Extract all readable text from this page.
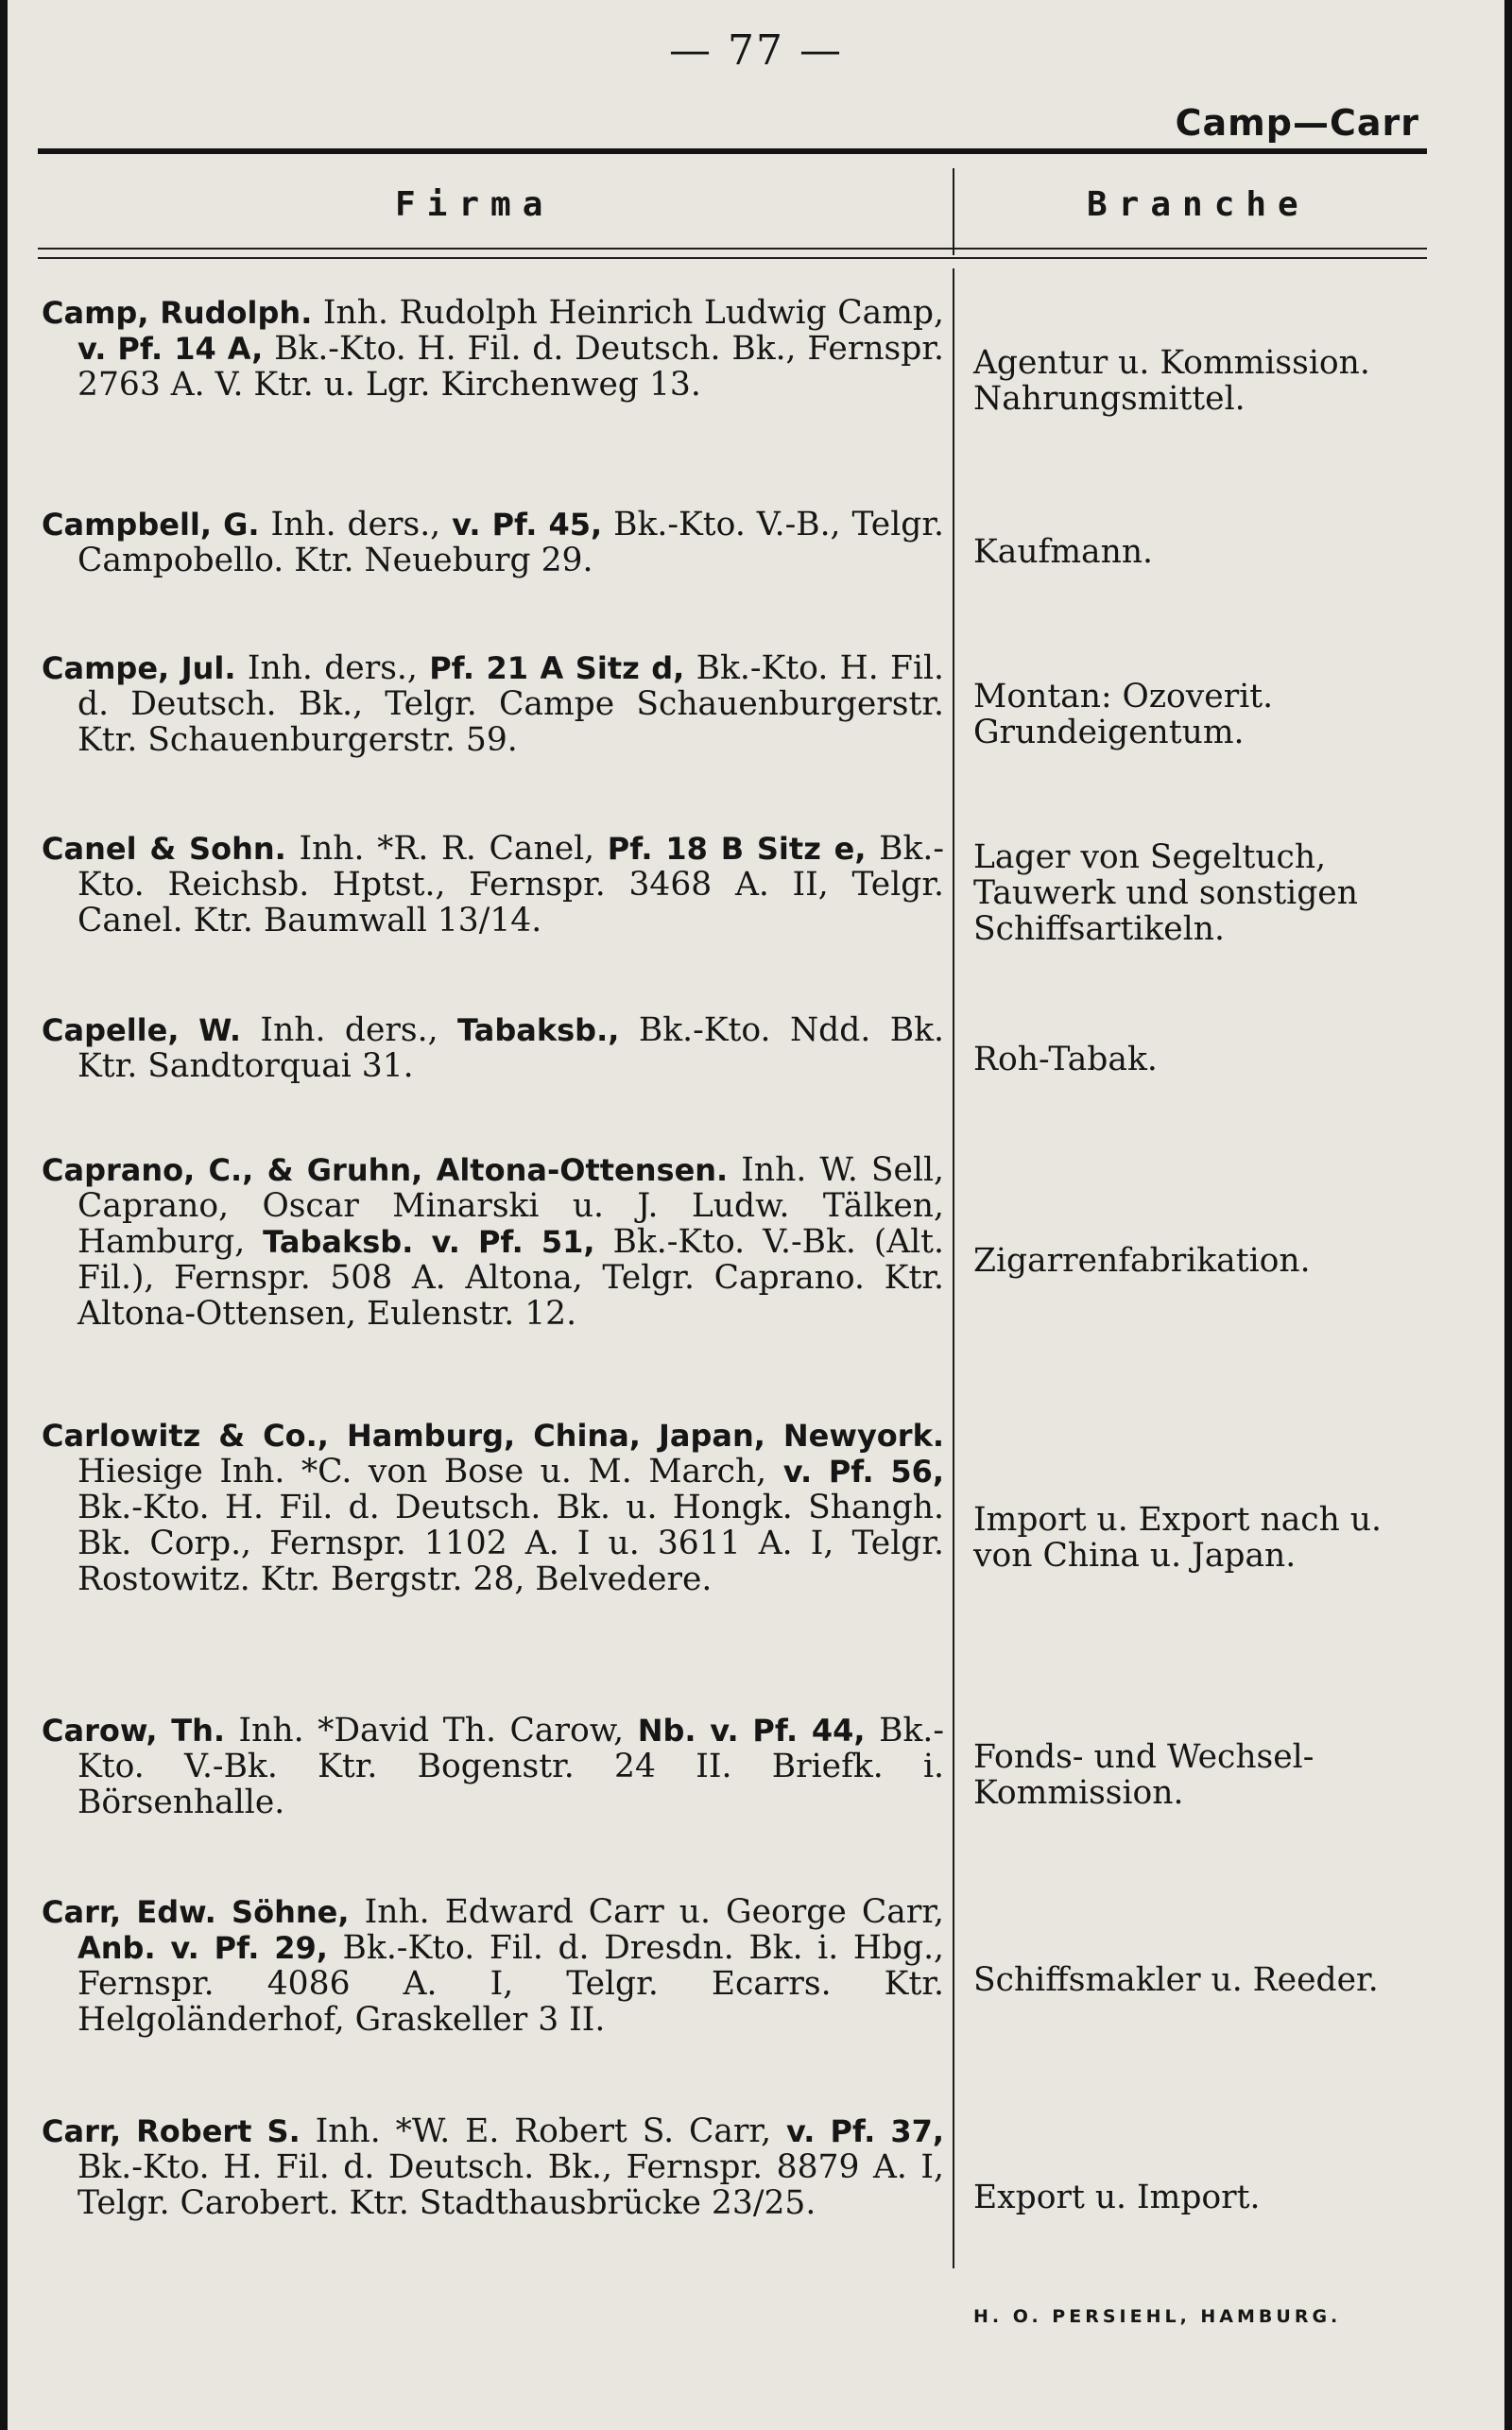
— 77 —
Camp—Carr
Firma	Branche
Camp, Rudolph. Inh. Rudolph Heinrich Ludwig Camp, v. Pf. 14 A, Bk.-Kto. H. Fil. d. Deutsch. Bk., Fernspr. 2763 A. V. Ktr. u. Lgr. Kirchenweg 13.
Campbell, G. Inh. ders., v. Pf. 45, Bk.-Kto. V.-B., Telgr. Campobello. Ktr. Neueburg 29.
Campe, Jul. Inh. ders., Pf. 21 A Sitz d, Bk.-Kto. H. Fil. d. Deutsch. Bk., Telgr. Campe Schauenburgerstr. Ktr. Schauenburgerstr. 59.
Canel & Sohn. Inh. *R. R. Canel, Pf. 18 B Sitz e, Bk.-Kto. Reichsb. Hptst., Fernspr. 3468 A. II, Telgr. Canel. Ktr. Baumwall 13/14.
Capelle, W. Inh. ders., Tabaksb., Bk.-Kto. Ndd. Bk. Ktr. Sandtorquai 31.
Caprano, C., & Gruhn, Altona-Ottensen. Inh. W. Sell, Caprano, Oscar Minarski u. J. Ludw. Tälken, Hamburg, Tabaksb. v. Pf. 51, Bk.-Kto. V.-Bk. (Alt. Fil.), Fernspr. 508 A. Altona, Telgr. Caprano. Ktr. Altona-Ottensen, Eulenstr. 12.
Carlowitz & Co., Hamburg, China, Japan, Newyork. Hiesige Inh. *C. von Bose u. M. March, v. Pf. 56, Bk.-Kto. H. Fil. d. Deutsch. Bk. u. Hongk. Shangh. Bk. Corp., Fernspr. 1102 A. I u. 3611 A. I, Telgr. Rostowitz. Ktr. Bergstr. 28, Belvedere.
Carow, Th. Inh. *David Th. Carow, Nb. v. Pf. 44, Bk.-Kto. V.-Bk. Ktr. Bogenstr. 24 II. Briefk. i. Börsenhalle.
Carr, Edw. Söhne, Inh. Edward Carr u. George Carr, Anb. v. Pf. 29, Bk.-Kto. Fil. d. Dresdn. Bk. i. Hbg., Fernspr. 4086 A. I, Telgr. Ecarrs. Ktr. Helgoländerhof, Graskeller 3 II.
Carr, Robert S. Inh. *W. E. Robert S. Carr, v. Pf. 37, Bk.-Kto. H. Fil. d. Deutsch. Bk., Fernspr. 8879 A. I, Telgr. Carobert. Ktr. Stadthausbrücke 23/25.
Agentur u. Kommission.
Nahrungsmittel.
Kaufmann.
Montan: Ozoverit.
Grundeigentum.
Lager von Segeltuch,
Tauwerk und sonstigen
Schiffsartikeln.
Roh-Tabak.
Zigarrenfabrikation.
Import u. Export nach u.
von China u. Japan.
Fonds- und Wechsel-
Kommission.
Schiffsmakler u. Reeder.
Export u. Import.
H. O. PERSIEHL, HAMBURG.
